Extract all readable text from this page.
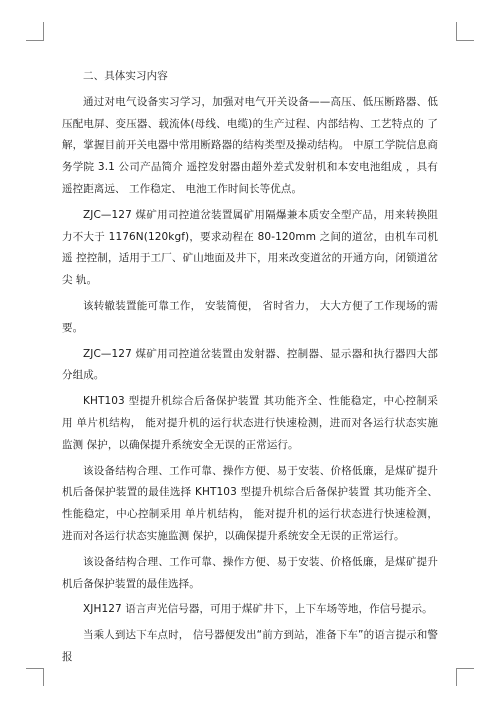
二、具体实习内容

通过对电气设备实习学习，加强对电气开关设备——高压、低压断路器、低 压配电屏、变压器、载流体(母线、电缆)的生产过程、内部结构、工艺特点的 了解，掌握目前开关电器中常用断路器的结构类型及操动结构。 中原工学院信息商务学院 3.1 公司产品简介 遥控发射器由超外差式发射机和本安电池组成 ，具有遥控距离远、 工作稳定、 电池工作时间长等优点。

ZJC—127 煤矿用司控道岔装置属矿用隔爆兼本质安全型产品，用来转换阻 力不大于 1176N(120kgf)，要求动程在 80-120mm 之间的道岔，由机车司机遥 控控制，适用于工厂、矿山地面及井下，用来改变道岔的开通方向，闭锁道岔尖 轨。

该转辙装置能可靠工作， 安装简便， 省时省力， 大大方便了工作现场的需要。

ZJC—127 煤矿用司控道岔装置由发射器、控制器、显示器和执行器四大部分组成。

KHT103 型提升机综合后备保护装置 其功能齐全、性能稳定，中心控制采用 单片机结构， 能对提升机的运行状态进行快速检测，进而对各运行状态实施监测 保护，以确保提升系统安全无误的正常运行。

该设备结构合理、工作可靠、操作方便、易于安装、价格低廉，是煤矿提升 机后备保护装置的最佳选择 KHT103 型提升机综合后备保护装置 其功能齐全、性能稳定，中心控制采用 单片机结构， 能对提升机的运行状态进行快速检测，进而对各运行状态实施监测 保护，以确保提升系统安全无误的正常运行。

该设备结构合理、工作可靠、操作方便、易于安装、价格低廉，是煤矿提升 机后备保护装置的最佳选择。

XJH127 语言声光信号器，可用于煤矿井下，上下车场等地，作信号提示。

当乘人到达下车点时， 信号器便发出“前方到站，准备下车”的语言提示和警报
